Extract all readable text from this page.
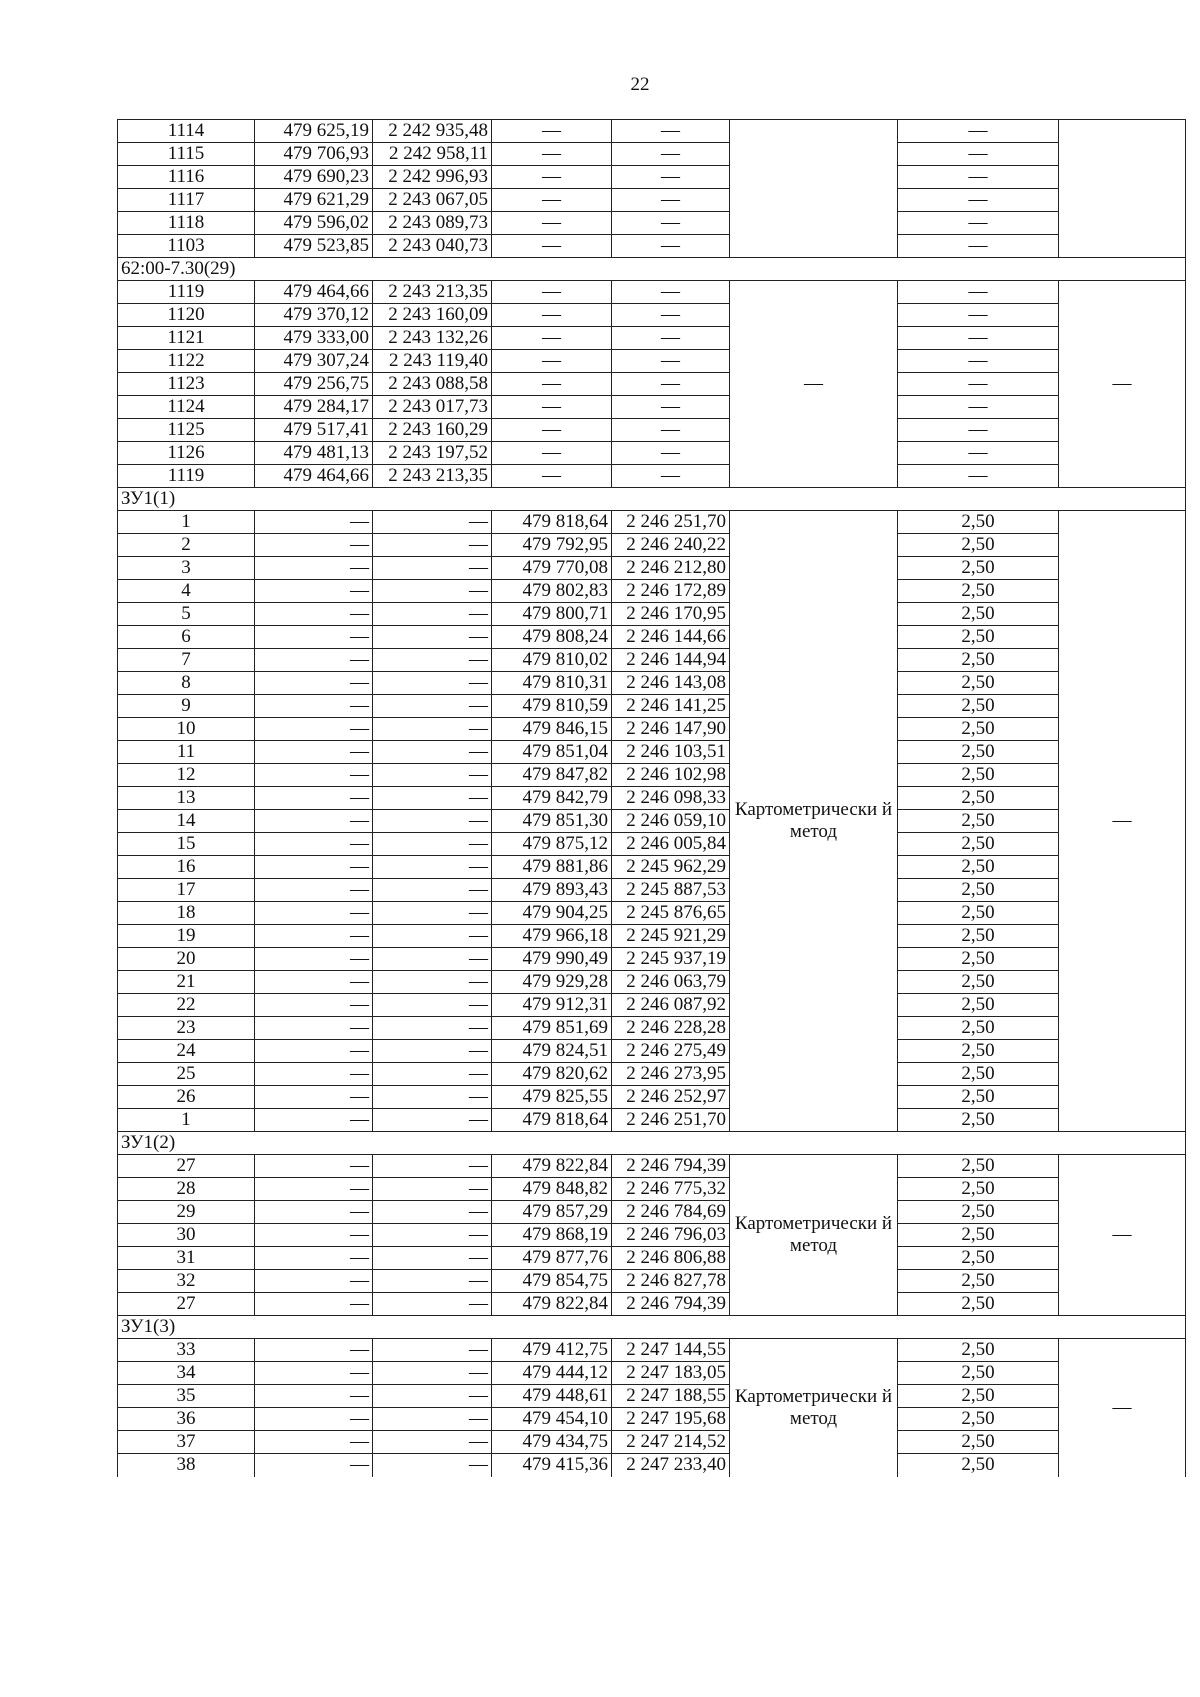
22
1114	479 625,19	2 242 935,48	—	—		—	
1115	479 706,93	2 242 958,11	—	—		—	
1116	479 690,23	2 242 996,93	—	—		—	
1117	479 621,29	2 243 067,05	—	—		—	
1118	479 596,02	2 243 089,73	—	—		—	
1103	479 523,85	2 243 040,73	—	—		—	
62:00-7.30(29)							
1119	479 464,66	2 243 213,35	—	—	—	—	—
1120	479 370,12	2 243 160,09	—	—		—	
1121	479 333,00	2 243 132,26	—	—		—	
1122	479 307,24	2 243 119,40	—	—		—	
1123	479 256,75	2 243 088,58	—	—		—	
1124	479 284,17	2 243 017,73	—	—		—	
1125	479 517,41	2 243 160,29	—	—		—	
1126	479 481,13	2 243 197,52	—	—		—	
1119	479 464,66	2 243 213,35	—	—		—	
ЗУ1(1)							
1	—	—	479 818,64	2 246 251,70	Картометрически й метод	2,50	—
2	—	—	479 792,95	2 246 240,22		2,50	
3	—	—	479 770,08	2 246 212,80		2,50	
4	—	—	479 802,83	2 246 172,89		2,50	
5	—	—	479 800,71	2 246 170,95		2,50	
6	—	—	479 808,24	2 246 144,66		2,50	
7	—	—	479 810,02	2 246 144,94		2,50	
8	—	—	479 810,31	2 246 143,08		2,50	
9	—	—	479 810,59	2 246 141,25		2,50	
10	—	—	479 846,15	2 246 147,90		2,50	
11	—	—	479 851,04	2 246 103,51		2,50	
12	—	—	479 847,82	2 246 102,98		2,50	
13	—	—	479 842,79	2 246 098,33		2,50	
14	—	—	479 851,30	2 246 059,10		2,50	
15	—	—	479 875,12	2 246 005,84		2,50	
16	—	—	479 881,86	2 245 962,29		2,50	
17	—	—	479 893,43	2 245 887,53		2,50	
18	—	—	479 904,25	2 245 876,65		2,50	
19	—	—	479 966,18	2 245 921,29		2,50	
20	—	—	479 990,49	2 245 937,19		2,50	
21	—	—	479 929,28	2 246 063,79		2,50	
22	—	—	479 912,31	2 246 087,92		2,50	
23	—	—	479 851,69	2 246 228,28		2,50	
24	—	—	479 824,51	2 246 275,49		2,50	
25	—	—	479 820,62	2 246 273,95		2,50	
26	—	—	479 825,55	2 246 252,97		2,50	
1	—	—	479 818,64	2 246 251,70		2,50	
ЗУ1(2)							
27	—	—	479 822,84	2 246 794,39	Картометрически й метод	2,50	—
28	—	—	479 848,82	2 246 775,32		2,50	
29	—	—	479 857,29	2 246 784,69		2,50	
30	—	—	479 868,19	2 246 796,03		2,50	
31	—	—	479 877,76	2 246 806,88		2,50	
32	—	—	479 854,75	2 246 827,78		2,50	
27	—	—	479 822,84	2 246 794,39		2,50	
ЗУ1(3)							
33	—	—	479 412,75	2 247 144,55	Картометрически й метод	2,50	—
34	—	—	479 444,12	2 247 183,05		2,50	
35	—	—	479 448,61	2 247 188,55		2,50	
36	—	—	479 454,10	2 247 195,68		2,50	
37	—	—	479 434,75	2 247 214,52		2,50	
38	—	—	479 415,36	2 247 233,40		2,50	
